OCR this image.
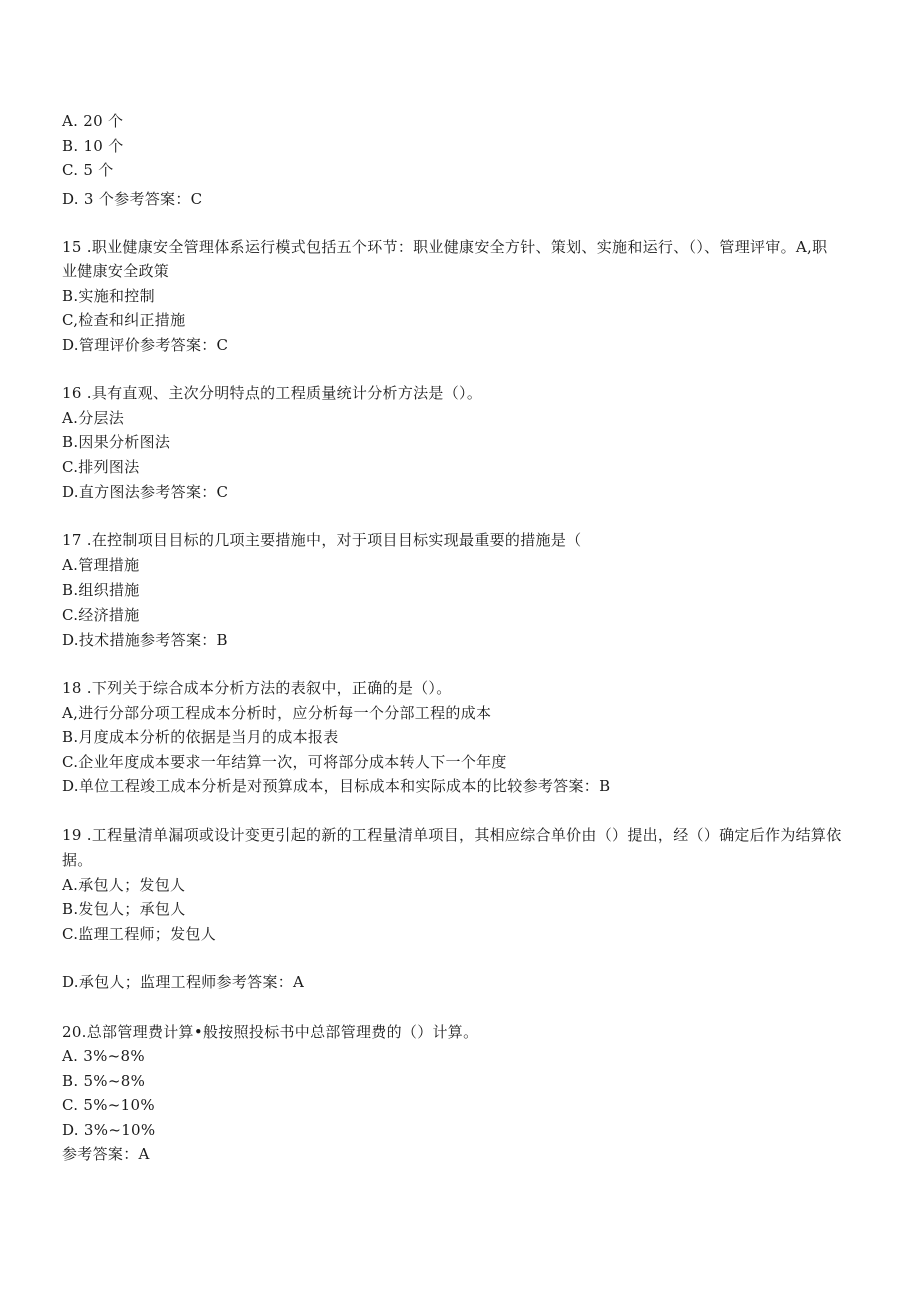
A. 20 个
B. 10 个
C. 5 个
D. 3 个参考答案：C
15 .职业健康安全管理体系运行模式包括五个环节：职业健康安全方针、策划、实施和运行、（）、管理评审。A,职
业健康安全政策
B.实施和控制
C,检查和纠正措施
D.管理评价参考答案：C
16 .具有直观、主次分明特点的工程质量统计分析方法是（）。
A.分层法
B.因果分析图法
C.排列图法
D.直方图法参考答案：C
17 .在控制项目目标的几项主要措施中，对于项目目标实现最重要的措施是（
A.管理措施
B.组织措施
C.经济措施
D.技术措施参考答案：B
18 .下列关于综合成本分析方法的表叙中，正确的是（）。
A,进行分部分项工程成本分析时，应分析每一个分部工程的成本
B.月度成本分析的依据是当月的成本报表
C.企业年度成本要求一年结算一次，可将部分成本转人下一个年度
D.单位工程竣工成本分析是对预算成本，目标成本和实际成本的比较参考答案：B
19 .工程量清单漏项或设计变更引起的新的工程量清单项目，其相应综合单价由（）提出，经（）确定后作为结算依
据。
A.承包人；发包人
B.发包人；承包人
C.监理工程师；发包人
D.承包人；监理工程师参考答案：A
20.总部管理费计算•般按照投标书中总部管理费的（）计算。
A. 3%~8%
B. 5%~8%
C. 5%~10%
D. 3%~10%
参考答案：A
